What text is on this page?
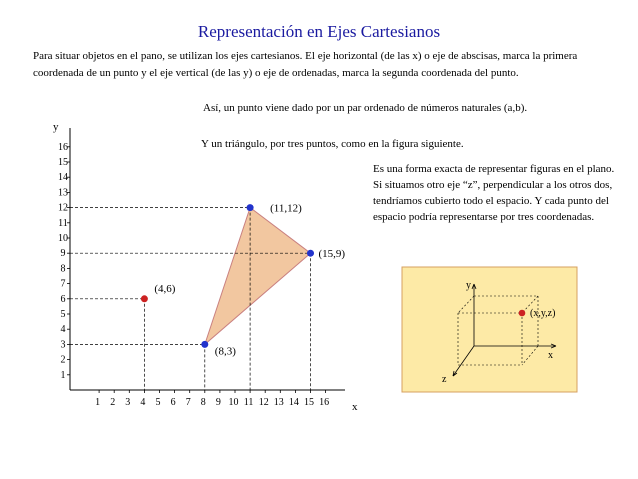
Representación en Ejes Cartesianos
Para situar objetos en el pano, se utilizan los ejes cartesianos. El eje horizontal (de las x) o eje de abscisas, marca la primera coordenada de un punto y el eje vertical (de las y) o eje de ordenadas, marca la segunda coordenada del punto.
Así, un punto viene dado por un par ordenado de números naturales (a,b).
Y un triángulo, por tres puntos, como en la figura siguiente.
Es una forma exacta de representar figuras en el plano. Si situamos otro eje “z”, perpendicular a los otros dos, tendríamos cubierto todo el espacio. Y cada punto del espacio podría representarse por tres coordenadas.
1 2 3 4 5 6 7 8 9 10 11 12 13 14 15 16
1
2
3
4
5
6
7
8
9
10
11
12
13
14
15
16
x
y
(4,6)
(8,3)
(11,12)
(15,9)
y
x
z
(x,y,z)
